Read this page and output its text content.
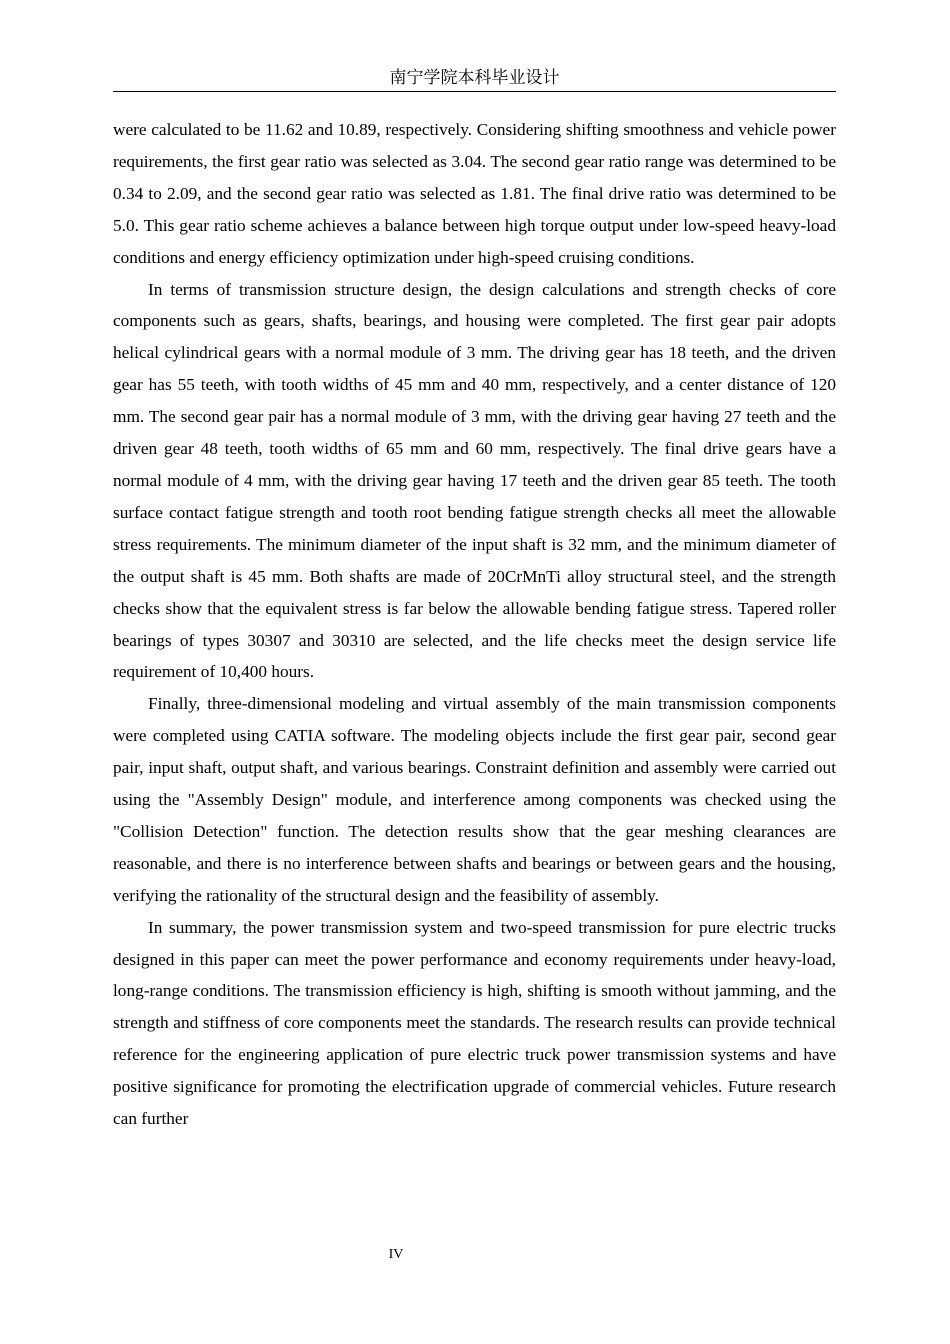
南宁学院本科毕业设计

were calculated to be 11.62 and 10.89, respectively. Considering shifting smoothness and vehicle power requirements, the first gear ratio was selected as 3.04. The second gear ratio range was determined to be 0.34 to 2.09, and the second gear ratio was selected as 1.81. The final drive ratio was determined to be 5.0. This gear ratio scheme achieves a balance between high torque output under low-speed heavy-load conditions and energy efficiency optimization under high-speed cruising conditions.

In terms of transmission structure design, the design calculations and strength checks of core components such as gears, shafts, bearings, and housing were completed. The first gear pair adopts helical cylindrical gears with a normal module of 3 mm. The driving gear has 18 teeth, and the driven gear has 55 teeth, with tooth widths of 45 mm and 40 mm, respectively, and a center distance of 120 mm. The second gear pair has a normal module of 3 mm, with the driving gear having 27 teeth and the driven gear 48 teeth, tooth widths of 65 mm and 60 mm, respectively. The final drive gears have a normal module of 4 mm, with the driving gear having 17 teeth and the driven gear 85 teeth. The tooth surface contact fatigue strength and tooth root bending fatigue strength checks all meet the allowable stress requirements. The minimum diameter of the input shaft is 32 mm, and the minimum diameter of the output shaft is 45 mm. Both shafts are made of 20CrMnTi alloy structural steel, and the strength checks show that the equivalent stress is far below the allowable bending fatigue stress. Tapered roller bearings of types 30307 and 30310 are selected, and the life checks meet the design service life requirement of 10,400 hours.

Finally, three-dimensional modeling and virtual assembly of the main transmission components were completed using CATIA software. The modeling objects include the first gear pair, second gear pair, input shaft, output shaft, and various bearings. Constraint definition and assembly were carried out using the "Assembly Design" module, and interference among components was checked using the "Collision Detection" function. The detection results show that the gear meshing clearances are reasonable, and there is no interference between shafts and bearings or between gears and the housing, verifying the rationality of the structural design and the feasibility of assembly.

In summary, the power transmission system and two-speed transmission for pure electric trucks designed in this paper can meet the power performance and economy requirements under heavy-load, long-range conditions. The transmission efficiency is high, shifting is smooth without jamming, and the strength and stiffness of core components meet the standards. The research results can provide technical reference for the engineering application of pure electric truck power transmission systems and have positive significance for promoting the electrification upgrade of commercial vehicles. Future research can further

IV
